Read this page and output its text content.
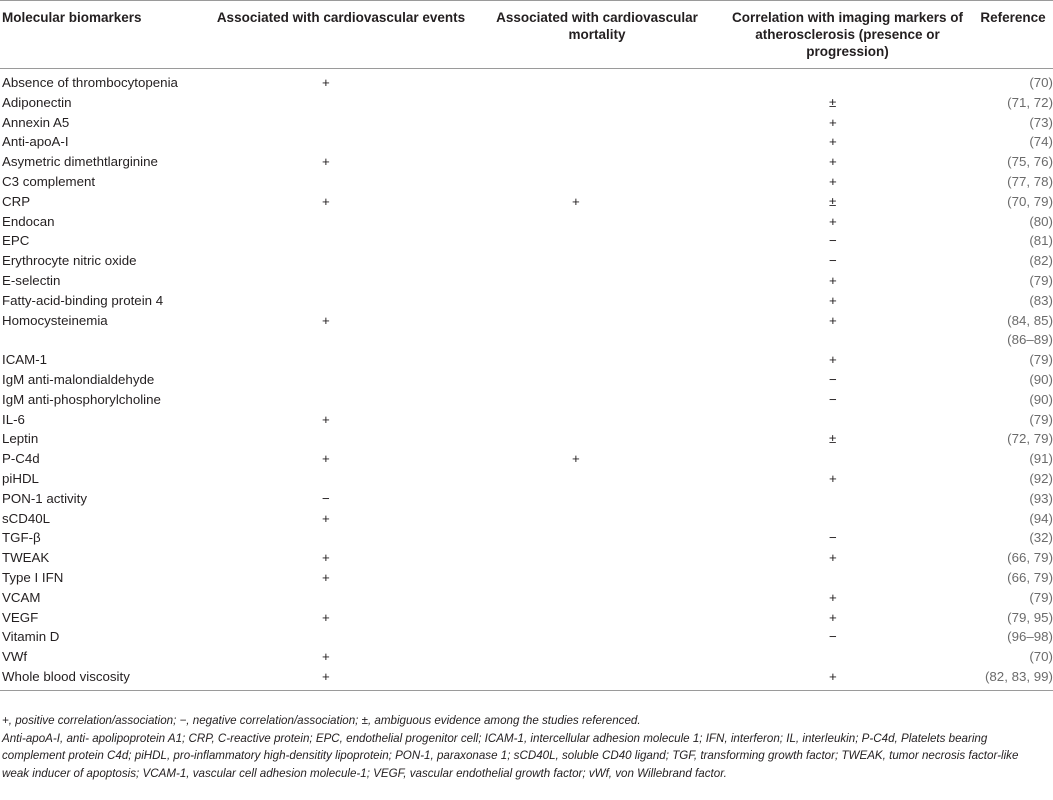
Molecular biomarkers	Associated with cardiovascular events	Associated with cardiovascular mortality	Correlation with imaging markers of atherosclerosis (presence or progression)	Reference
Absence of thrombocytopenia	+			(70)
Adiponectin			±	(71, 72)
Annexin A5			+	(73)
Anti-apoA-I			+	(74)
Asymetric dimethtlarginine	+		+	(75, 76)
C3 complement			+	(77, 78)
CRP	+	+	±	(70, 79)
Endocan			+	(80)
EPC			−	(81)
Erythrocyte nitric oxide			−	(82)
E-selectin			+	(79)
Fatty-acid-binding protein 4			+	(83)
Homocysteinemia	+		+	(84, 85)
				(86–89)
ICAM-1			+	(79)
IgM anti-malondialdehyde			−	(90)
IgM anti-phosphorylcholine			−	(90)
IL-6	+			(79)
Leptin			±	(72, 79)
P-C4d	+	+		(91)
piHDL			+	(92)
PON-1 activity	−			(93)
sCD40L	+			(94)
TGF-β			−	(32)
TWEAK	+		+	(66, 79)
Type I IFN	+			(66, 79)
VCAM			+	(79)
VEGF	+		+	(79, 95)
Vitamin D			−	(96–98)
VWf	+			(70)
Whole blood viscosity	+		+	(82, 83, 99)

+, positive correlation/association; −, negative correlation/association; ±, ambiguous evidence among the studies referenced.

Anti-apoA-I, anti- apolipoprotein A1; CRP, C-reactive protein; EPC, endothelial progenitor cell; ICAM-1, intercellular adhesion molecule 1; IFN, interferon; IL, interleukin; P-C4d, Platelets bearing complement protein C4d; piHDL, pro-inflammatory high-densitity lipoprotein; PON-1, paraxonase 1; sCD40L, soluble CD40 ligand; TGF, transforming growth factor; TWEAK, tumor necrosis factor-like weak inducer of apoptosis; VCAM-1, vascular cell adhesion molecule-1; VEGF, vascular endothelial growth factor; vWf, von Willebrand factor.
